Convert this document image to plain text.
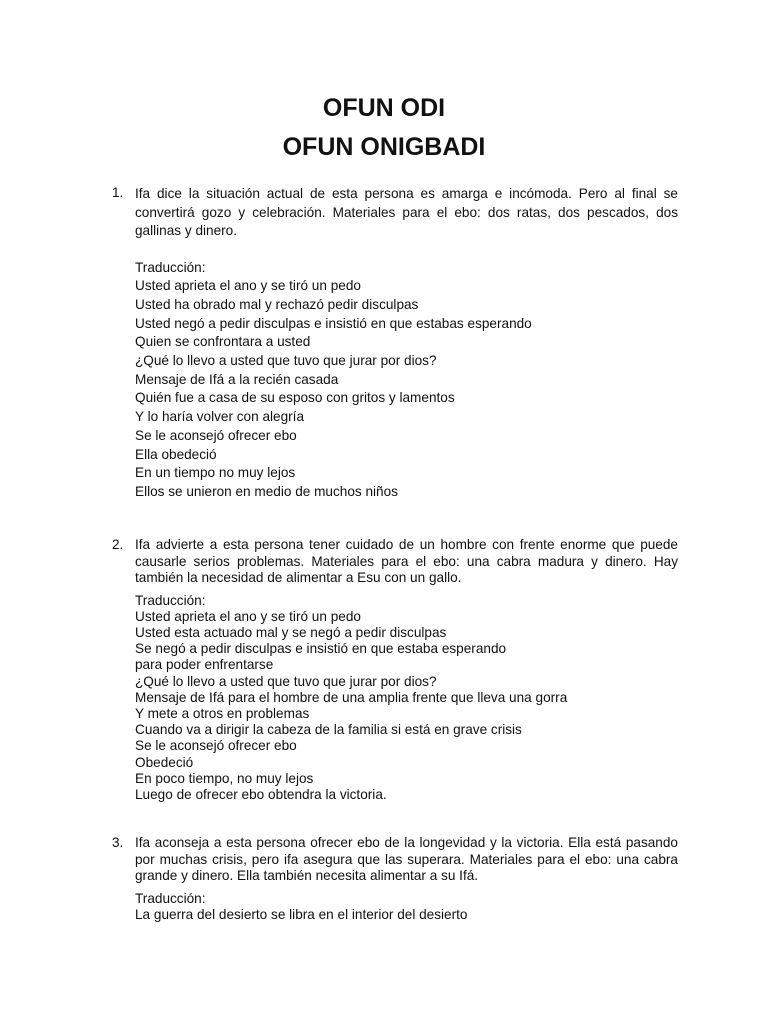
OFUN ODI
OFUN ONIGBADI
1. Ifa dice la situación actual de esta persona es amarga e incómoda. Pero al final se convertirá gozo y celebración. Materiales para el ebo: dos ratas, dos pescados, dos gallinas y dinero.
Traducción:
Usted aprieta el ano y se tiró un pedo
Usted ha obrado mal y rechazó pedir disculpas
Usted negó a pedir disculpas e insistió en que estabas esperando
Quien se confrontara a usted
¿Qué lo llevo a usted que tuvo que jurar por dios?
Mensaje de Ifá a la recién casada
Quién fue a casa de su esposo con gritos y lamentos
Y lo haría volver con alegría
Se le aconsejó ofrecer ebo
Ella obedeció
En un tiempo no muy lejos
Ellos se unieron en medio de muchos niños
2. Ifa advierte a esta persona tener cuidado de un hombre con frente enorme que puede causarle serios problemas. Materiales para el ebo: una cabra madura y dinero. Hay también la necesidad de alimentar a Esu con un gallo.
Traducción:
Usted aprieta el ano y se tiró un pedo
Usted esta actuado mal y se negó a pedir disculpas
Se negó a pedir disculpas e insistió en que estaba esperando
para poder enfrentarse
¿Qué lo llevo a usted que tuvo que jurar por dios?
Mensaje de Ifá para el hombre de una amplia frente que lleva una gorra
Y mete a otros en problemas
Cuando va a dirigir la cabeza de la familia si está en grave crisis
Se le aconsejó ofrecer ebo
Obedeció
En poco tiempo, no muy lejos
Luego de ofrecer ebo obtendra la victoria.
3. Ifa aconseja a esta persona ofrecer ebo de la longevidad y la victoria. Ella está pasando por muchas crisis, pero ifa asegura que las superara. Materiales para el ebo: una cabra grande y dinero. Ella también necesita alimentar a su Ifá.
Traducción:
La guerra del desierto se libra en el interior del desierto
